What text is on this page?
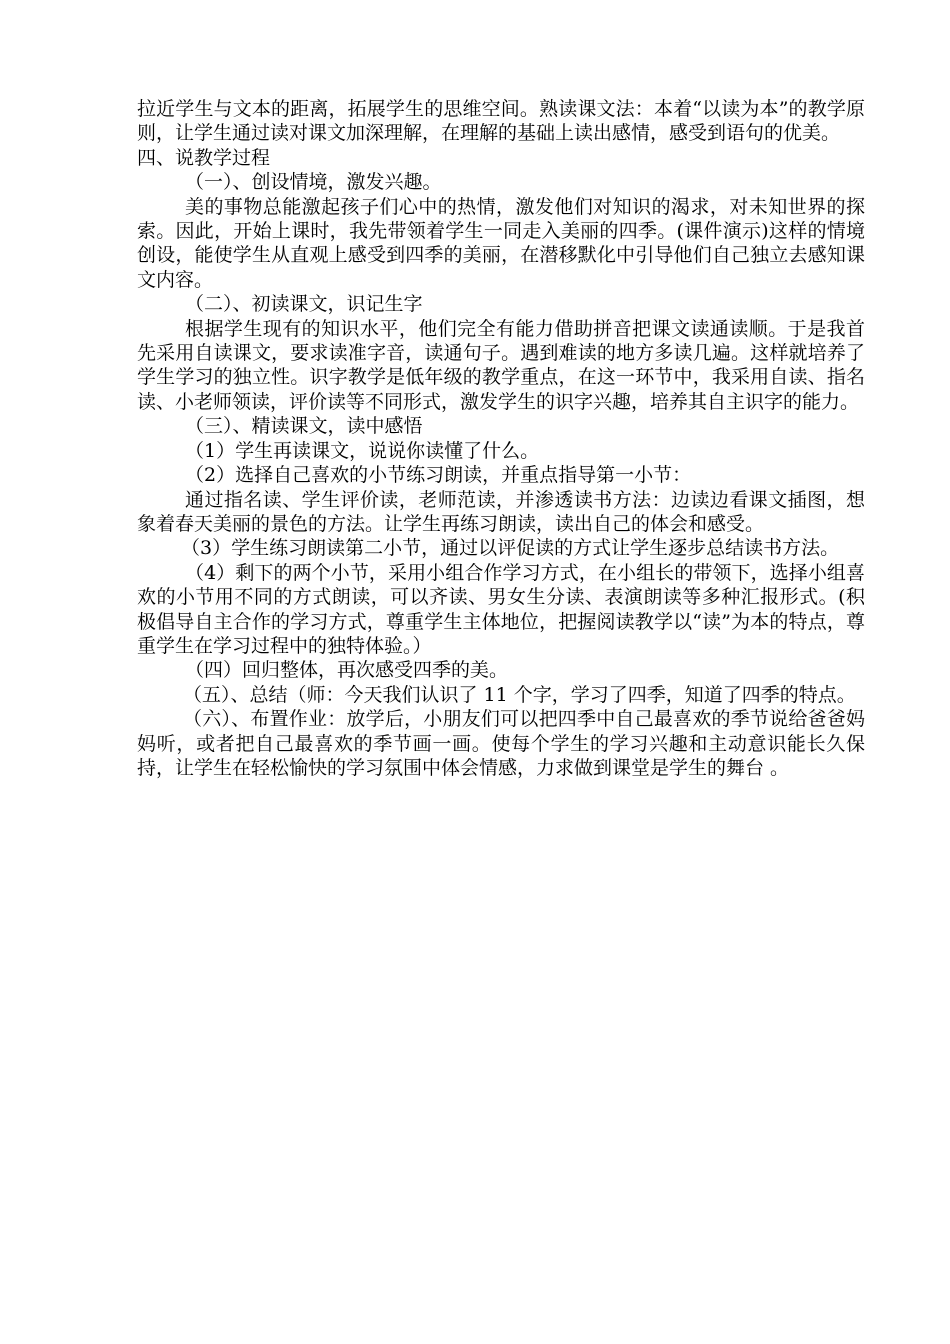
拉近学生与文本的距离，拓展学生的思维空间。熟读课文法：本着“以读为本”的教学原则，让学生通过读对课文加深理解，在理解的基础上读出感情，感受到语句的优美。

四、说教学过程

（一）、创设情境，激发兴趣。

美的事物总能激起孩子们心中的热情，激发他们对知识的渴求，对未知世界的探索。因此，开始上课时，我先带领着学生一同走入美丽的四季。(课件演示)这样的情境创设，能使学生从直观上感受到四季的美丽，在潜移默化中引导他们自己独立去感知课文内容。

（二）、初读课文，识记生字

根据学生现有的知识水平，他们完全有能力借助拼音把课文读通读顺。于是我首先采用自读课文，要求读准字音，读通句子。遇到难读的地方多读几遍。这样就培养了学生学习的独立性。识字教学是低年级的教学重点，在这一环节中，我采用自读、指名读、小老师领读，评价读等不同形式，激发学生的识字兴趣，培养其自主识字的能力。

（三）、精读课文，读中感悟

（1）学生再读课文，说说你读懂了什么。

（2）选择自己喜欢的小节练习朗读，并重点指导第一小节：

通过指名读、学生评价读，老师范读，并渗透读书方法：边读边看课文插图，想象着春天美丽的景色的方法。让学生再练习朗读，读出自己的体会和感受。

（3）学生练习朗读第二小节，通过以评促读的方式让学生逐步总结读书方法。

（4）剩下的两个小节，采用小组合作学习方式，在小组长的带领下，选择小组喜欢的小节用不同的方式朗读，可以齐读、男女生分读、表演朗读等多种汇报形式。(积极倡导自主合作的学习方式，尊重学生主体地位，把握阅读教学以“读”为本的特点，尊重学生在学习过程中的独特体验。）

（四）回归整体，再次感受四季的美。

（五）、总结（师：今天我们认识了 11 个字，学习了四季，知道了四季的特点。

（六）、布置作业：放学后，小朋友们可以把四季中自己最喜欢的季节说给爸爸妈妈听，或者把自己最喜欢的季节画一画。使每个学生的学习兴趣和主动意识能长久保持，让学生在轻松愉快的学习氛围中体会情感，力求做到课堂是学生的舞台 。
